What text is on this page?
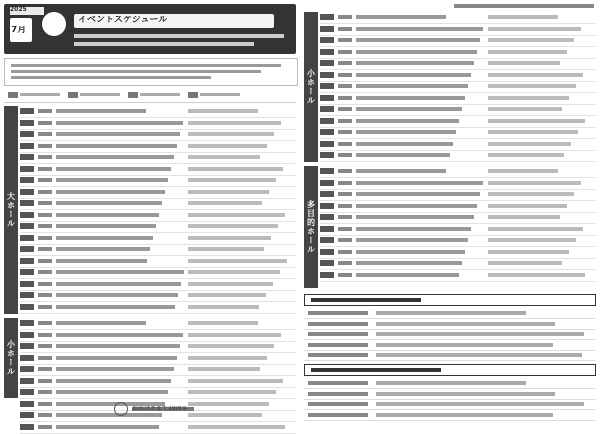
2025
7月
イベントスケジュール
大ホール
小ホール
おかげさまで10周年
小ホール
多目的ホール
